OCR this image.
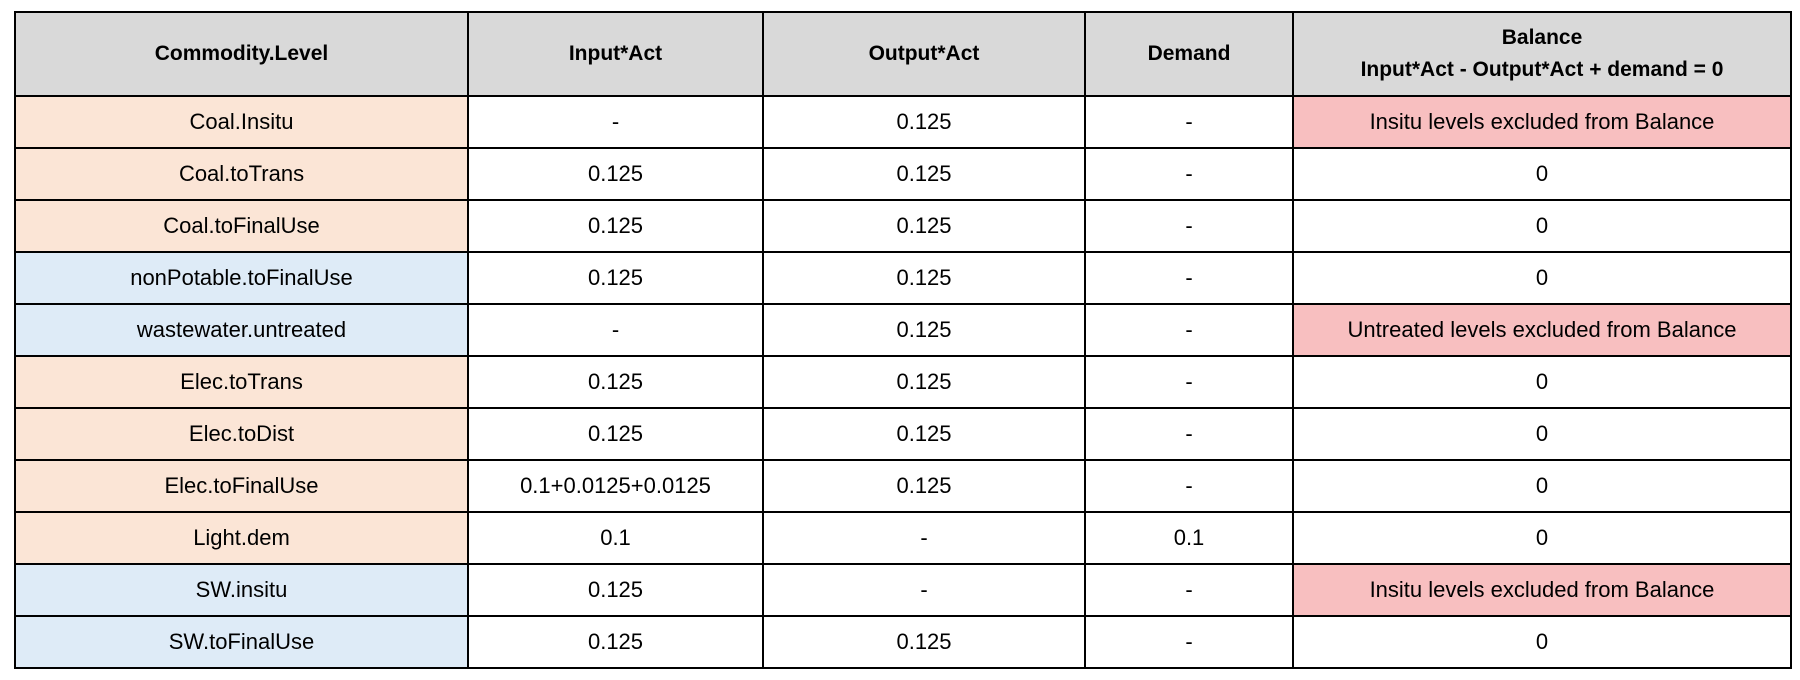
Commodity.Level	Input*Act	Output*Act	Demand	Balance
Input*Act - Output*Act + demand = 0

Coal.Insitu	-	0.125	-	Insitu levels excluded from Balance
Coal.toTrans	0.125	0.125	-	0
Coal.toFinalUse	0.125	0.125	-	0
nonPotable.toFinalUse	0.125	0.125	-	0
wastewater.untreated	-	0.125	-	Untreated levels excluded from Balance
Elec.toTrans	0.125	0.125	-	0
Elec.toDist	0.125	0.125	-	0
Elec.toFinalUse	0.1+0.0125+0.0125	0.125	-	0
Light.dem	0.1	-	0.1	0
SW.insitu	0.125	-	-	Insitu levels excluded from Balance
SW.toFinalUse	0.125	0.125	-	0
